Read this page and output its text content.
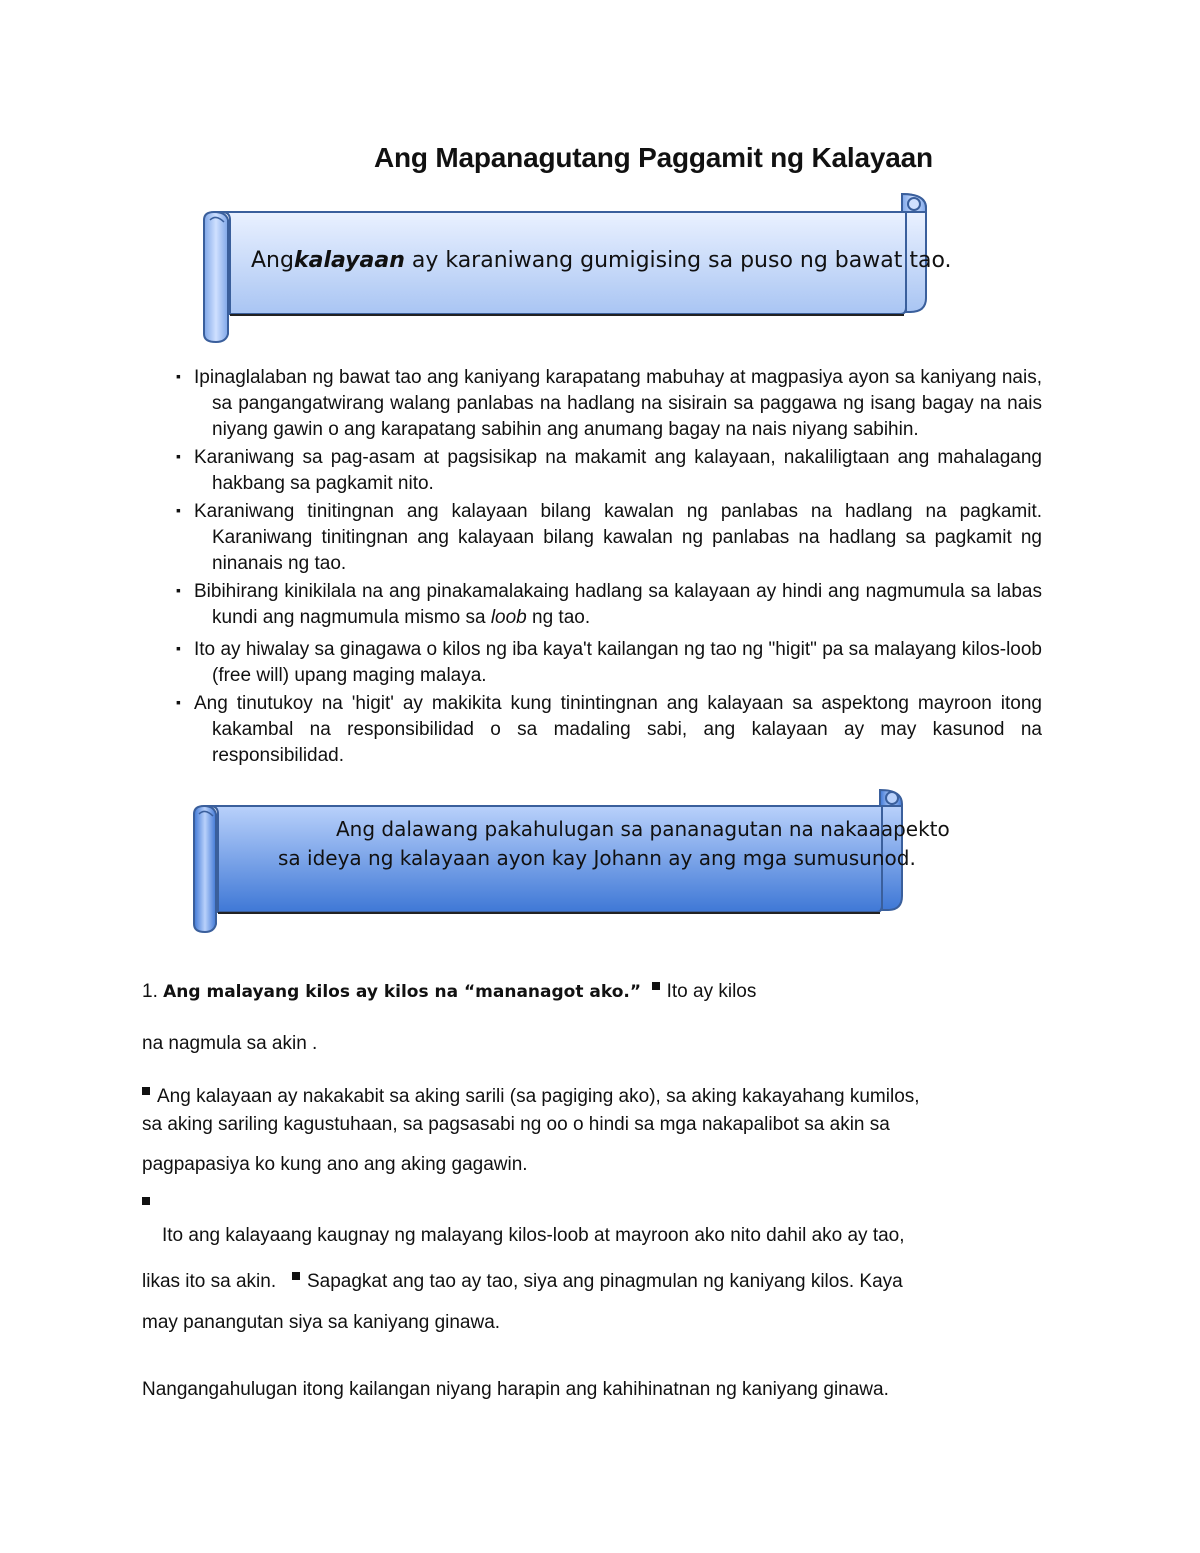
Ang Mapanagutang Paggamit ng Kalayaan
Angkalayaan ay karaniwang gumigising sa puso ng bawat tao.
▪ Ipinaglalaban ng bawat tao ang kaniyang karapatang mabuhay at magpasiya ayon sa kaniyang nais, sa pangangatwirang walang panlabas na hadlang na sisirain sa paggawa ng isang bagay na nais niyang gawin o ang karapatang sabihin ang anumang bagay na nais niyang sabihin.
▪ Karaniwang sa pag-asam at pagsisikap na makamit ang kalayaan, nakaliligtaan ang mahalagang hakbang sa pagkamit nito.
▪ Karaniwang tinitingnan ang kalayaan bilang kawalan ng panlabas na hadlang na pagkamit. Karaniwang tinitingnan ang kalayaan bilang kawalan ng panlabas na hadlang sa pagkamit ng ninanais ng tao.
▪ Bibihirang kinikilala na ang pinakamalakaing hadlang sa kalayaan ay hindi ang nagmumula sa labas kundi ang nagmumula mismo sa loob ng tao.
▪ Ito ay hiwalay sa ginagawa o kilos ng iba kaya't kailangan ng tao ng "higit" pa sa malayang kilos-loob (free will) upang maging malaya.
▪ Ang tinutukoy na 'higit' ay makikita kung tinintingnan ang kalayaan sa aspektong mayroon itong kakambal na responsibilidad o sa madaling sabi, ang kalayaan ay may kasunod na responsibilidad.
Ang dalawang pakahulugan sa pananagutan na nakaaapekto
sa ideya ng kalayaan ayon kay Johann ay ang mga sumusunod.
1. Ang malayang kilos ay kilos na “mananagot ako.” Ito ay kilos
na nagmula sa akin .
Ang kalayaan ay nakakabit sa aking sarili (sa pagiging ako), sa aking kakayahang kumilos,
sa aking sariling kagustuhaan, sa pagsasabi ng oo o hindi sa mga nakapalibot sa akin sa
pagpapasiya ko kung ano ang aking gagawin.
Ito ang kalayaang kaugnay ng malayang kilos-loob at mayroon ako nito dahil ako ay tao,
likas ito sa akin. Sapagkat ang tao ay tao, siya ang pinagmulan ng kaniyang kilos. Kaya
may panangutan siya sa kaniyang ginawa.
Nangangahulugan itong kailangan niyang harapin ang kahihinatnan ng kaniyang ginawa.
